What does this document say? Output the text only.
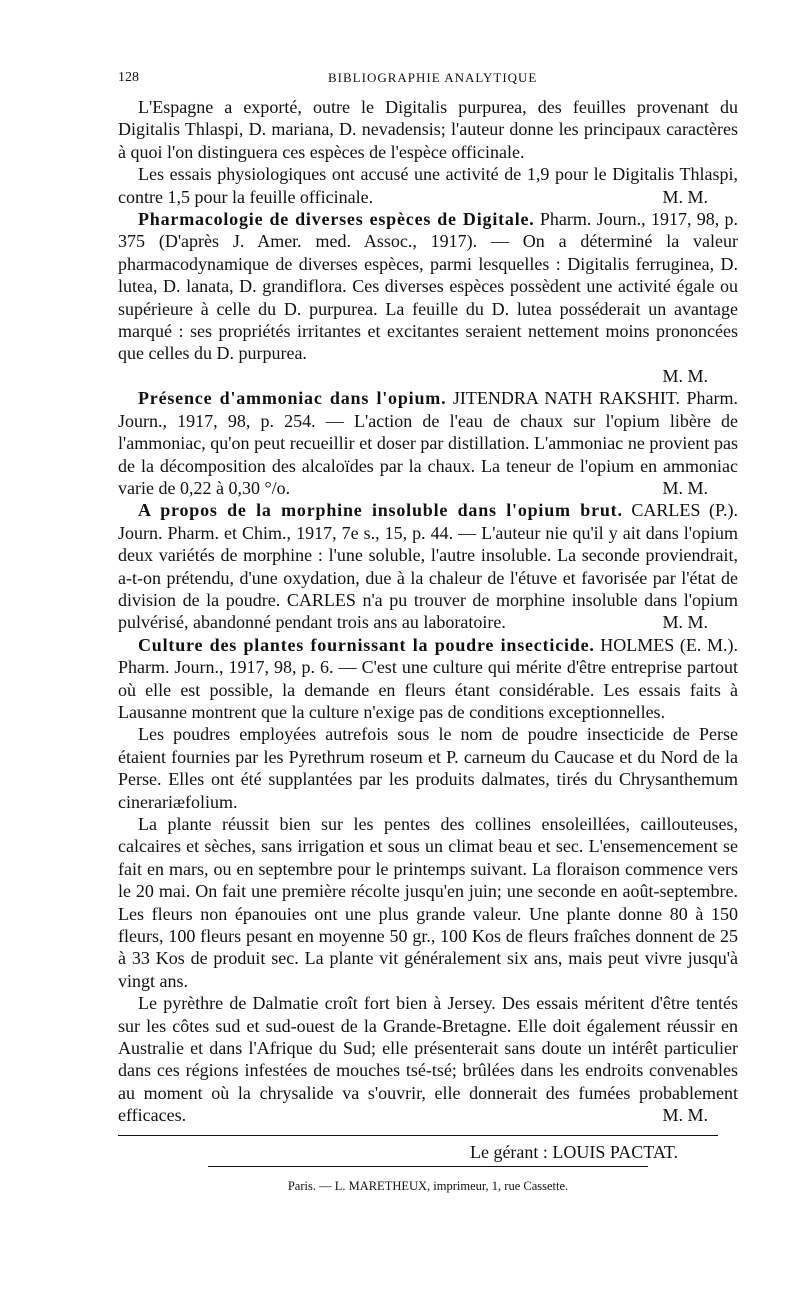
128	BIBLIOGRAPHIE ANALYTIQUE

L'Espagne a exporté, outre le Digitalis purpurea, des feuilles provenant du Digitalis Thlaspi, D. mariana, D. nevadensis; l'auteur donne les principaux caractères à quoi l'on distinguera ces espèces de l'espèce officinale.

Les essais physiologiques ont accusé une activité de 1,9 pour le Digitalis Thlaspi, contre 1,5 pour la feuille officinale.	M. M.

Pharmacologie de diverses espèces de Digitale. Pharm. Journ., 1917, 98, p. 375 (D'après J. Amer. med. Assoc., 1917). — On a déterminé la valeur pharmacodynamique de diverses espèces, parmi lesquelles : Digitalis ferruginea, D. lutea, D. lanata, D. grandiflora. Ces diverses espèces possèdent une activité égale ou supérieure à celle du D. purpurea. La feuille du D. lutea posséderait un avantage marqué : ses propriétés irritantes et excitantes seraient nettement moins prononcées que celles du D. purpurea.
M. M.

Présence d'ammoniac dans l'opium. JITENDRA NATH RAKSHIT. Pharm. Journ., 1917, 98, p. 254. — L'action de l'eau de chaux sur l'opium libère de l'ammoniac, qu'on peut recueillir et doser par distillation. L'ammoniac ne provient pas de la décomposition des alcaloïdes par la chaux. La teneur de l'opium en ammoniac varie de 0,22 à 0,30 °/o.	M. M.

A propos de la morphine insoluble dans l'opium brut. CARLES (P.). Journ. Pharm. et Chim., 1917, 7e s., 15, p. 44. — L'auteur nie qu'il y ait dans l'opium deux variétés de morphine : l'une soluble, l'autre insoluble. La seconde proviendrait, a-t-on prétendu, d'une oxydation, due à la chaleur de l'étuve et favorisée par l'état de division de la poudre. CARLES n'a pu trouver de morphine insoluble dans l'opium pulvérisé, abandonné pendant trois ans au laboratoire.	M. M.

Culture des plantes fournissant la poudre insecticide. HOLMES (E. M.). Pharm. Journ., 1917, 98, p. 6. — C'est une culture qui mérite d'être entreprise partout où elle est possible, la demande en fleurs étant considérable. Les essais faits à Lausanne montrent que la culture n'exige pas de conditions exceptionnelles.

Les poudres employées autrefois sous le nom de poudre insecticide de Perse étaient fournies par les Pyrethrum roseum et P. carneum du Caucase et du Nord de la Perse. Elles ont été supplantées par les produits dalmates, tirés du Chrysanthemum cinerariæfolium.

La plante réussit bien sur les pentes des collines ensoleillées, caillouteuses, calcaires et sèches, sans irrigation et sous un climat beau et sec. L'ensemencement se fait en mars, ou en septembre pour le printemps suivant. La floraison commence vers le 20 mai. On fait une première récolte jusqu'en juin; une seconde en août-septembre. Les fleurs non épanouies ont une plus grande valeur. Une plante donne 80 à 150 fleurs, 100 fleurs pesant en moyenne 50 gr., 100 Kos de fleurs fraîches donnent de 25 à 33 Kos de produit sec. La plante vit généralement six ans, mais peut vivre jusqu'à vingt ans.

Le pyrèthre de Dalmatie croît fort bien à Jersey. Des essais méritent d'être tentés sur les côtes sud et sud-ouest de la Grande-Bretagne. Elle doit également réussir en Australie et dans l'Afrique du Sud; elle présenterait sans doute un intérêt particulier dans ces régions infestées de mouches tsé-tsé; brûlées dans les endroits convenables au moment où la chrysalide va s'ouvrir, elle donnerait des fumées probablement efficaces.	M. M.

Le gérant : LOUIS PACTAT.
Paris. — L. MARETHEUX, imprimeur, 1, rue Cassette.
